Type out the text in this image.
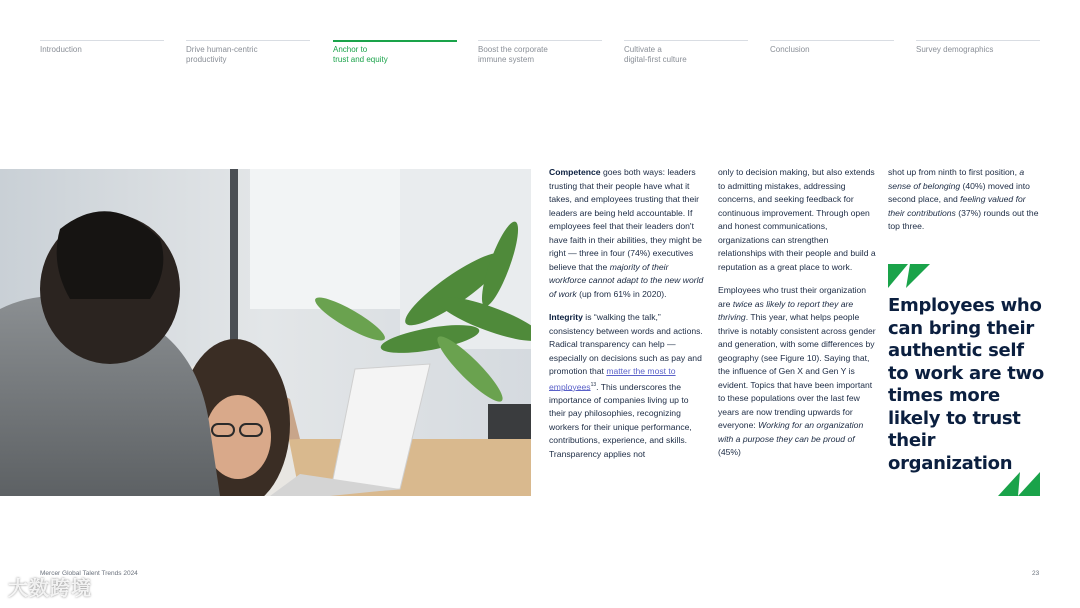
Introduction	Drive human-centric
productivity
Anchor to
trust and equity
Boost the corporate
immune system
Cultivate a
digital-first culture
Conclusion	Survey demographics

Competence goes both ways: leaders trusting that their people have what it takes, and employees trusting that their leaders are being held accountable. If employees feel that their leaders don't have faith in their abilities, they might be right — three in four (74%) executives believe that the majority of their workforce cannot adapt to the new world of work (up from 61% in 2020).

Integrity is “walking the talk,” consistency between words and actions. Radical transparency can help — especially on decisions such as pay and promotion that matter the most to employees$^{13}$. This underscores the importance of companies living up to their pay philosophies, recognizing workers for their unique performance, contributions, experience, and skills. Transparency applies not

only to decision making, but also extends to admitting mistakes, addressing concerns, and seeking feedback for continuous improvement. Through open and honest communications, organizations can strengthen relationships with their people and build a reputation as a great place to work.

Employees who trust their organization are twice as likely to report they are thriving. This year, what helps people thrive is notably consistent across gender and generation, with some differences by geography (see Figure 10). Saying that, the influence of Gen X and Gen Y is evident. Topics that have been important to these populations over the last few years are now trending upwards for everyone: Working for an organization with a purpose they can be proud of (45%)

shot up from ninth to first position, a sense of belonging (40%) moved into second place, and feeling valued for their contributions (37%) rounds out the top three.

Employees who can bring their authentic self to work are two times more likely to trust their organization
Mercer Global Talent Trends 2024	23
大数跨境
